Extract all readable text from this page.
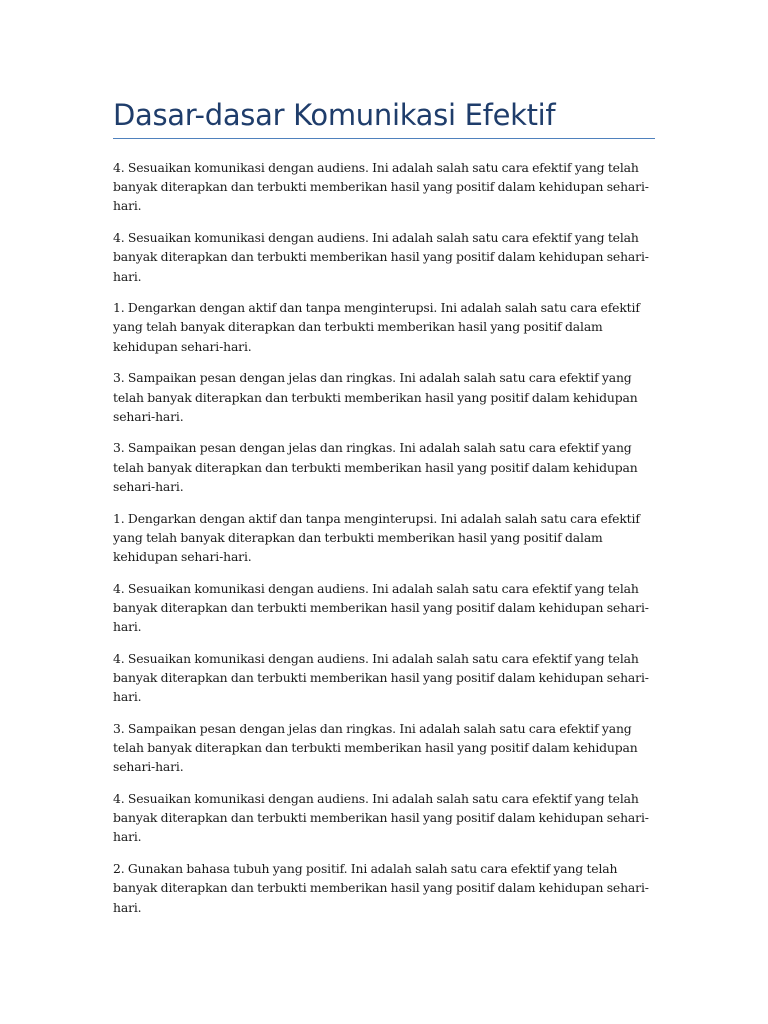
Dasar-dasar Komunikasi Efektif

4. Sesuaikan komunikasi dengan audiens. Ini adalah salah satu cara efektif yang telah banyak diterapkan dan terbukti memberikan hasil yang positif dalam kehidupan sehari-hari.

4. Sesuaikan komunikasi dengan audiens. Ini adalah salah satu cara efektif yang telah banyak diterapkan dan terbukti memberikan hasil yang positif dalam kehidupan sehari-hari.

1. Dengarkan dengan aktif dan tanpa menginterupsi. Ini adalah salah satu cara efektif yang telah banyak diterapkan dan terbukti memberikan hasil yang positif dalam kehidupan sehari-hari.

3. Sampaikan pesan dengan jelas dan ringkas. Ini adalah salah satu cara efektif yang telah banyak diterapkan dan terbukti memberikan hasil yang positif dalam kehidupan sehari-hari.

3. Sampaikan pesan dengan jelas dan ringkas. Ini adalah salah satu cara efektif yang telah banyak diterapkan dan terbukti memberikan hasil yang positif dalam kehidupan sehari-hari.

1. Dengarkan dengan aktif dan tanpa menginterupsi. Ini adalah salah satu cara efektif yang telah banyak diterapkan dan terbukti memberikan hasil yang positif dalam kehidupan sehari-hari.

4. Sesuaikan komunikasi dengan audiens. Ini adalah salah satu cara efektif yang telah banyak diterapkan dan terbukti memberikan hasil yang positif dalam kehidupan sehari-hari.

4. Sesuaikan komunikasi dengan audiens. Ini adalah salah satu cara efektif yang telah banyak diterapkan dan terbukti memberikan hasil yang positif dalam kehidupan sehari-hari.

3. Sampaikan pesan dengan jelas dan ringkas. Ini adalah salah satu cara efektif yang telah banyak diterapkan dan terbukti memberikan hasil yang positif dalam kehidupan sehari-hari.

4. Sesuaikan komunikasi dengan audiens. Ini adalah salah satu cara efektif yang telah banyak diterapkan dan terbukti memberikan hasil yang positif dalam kehidupan sehari-hari.

2. Gunakan bahasa tubuh yang positif. Ini adalah salah satu cara efektif yang telah banyak diterapkan dan terbukti memberikan hasil yang positif dalam kehidupan sehari-hari.
